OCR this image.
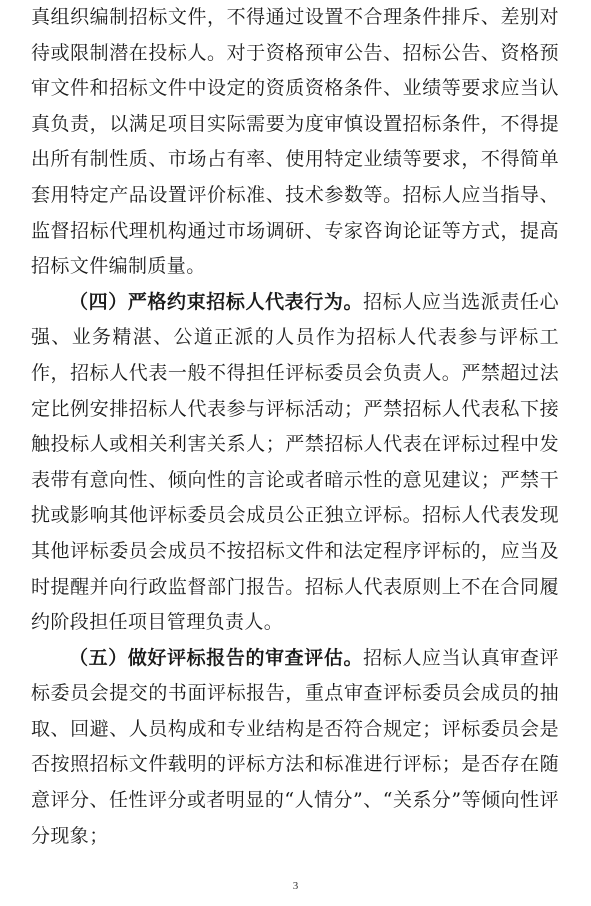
真组织编制招标文件，不得通过设置不合理条件排斥、差别对待或限制潜在投标人。对于资格预审公告、招标公告、资格预审文件和招标文件中设定的资质资格条件、业绩等要求应当认真负责，以满足项目实际需要为度审慎设置招标条件，不得提出所有制性质、市场占有率、使用特定业绩等要求，不得简单套用特定产品设置评价标准、技术参数等。招标人应当指导、监督招标代理机构通过市场调研、专家咨询论证等方式，提高招标文件编制质量。

（四）严格约束招标人代表行为。招标人应当选派责任心强、业务精湛、公道正派的人员作为招标人代表参与评标工作，招标人代表一般不得担任评标委员会负责人。严禁超过法定比例安排招标人代表参与评标活动；严禁招标人代表私下接触投标人或相关利害关系人；严禁招标人代表在评标过程中发表带有意向性、倾向性的言论或者暗示性的意见建议；严禁干扰或影响其他评标委员会成员公正独立评标。招标人代表发现其他评标委员会成员不按招标文件和法定程序评标的，应当及时提醒并向行政监督部门报告。招标人代表原则上不在合同履约阶段担任项目管理负责人。

（五）做好评标报告的审查评估。招标人应当认真审查评标委员会提交的书面评标报告，重点审查评标委员会成员的抽取、回避、人员构成和专业结构是否符合规定；评标委员会是否按照招标文件载明的评标方法和标准进行评标；是否存在随意评分、任性评分或者明显的“人情分”、“关系分”等倾向性评分现象；

3
